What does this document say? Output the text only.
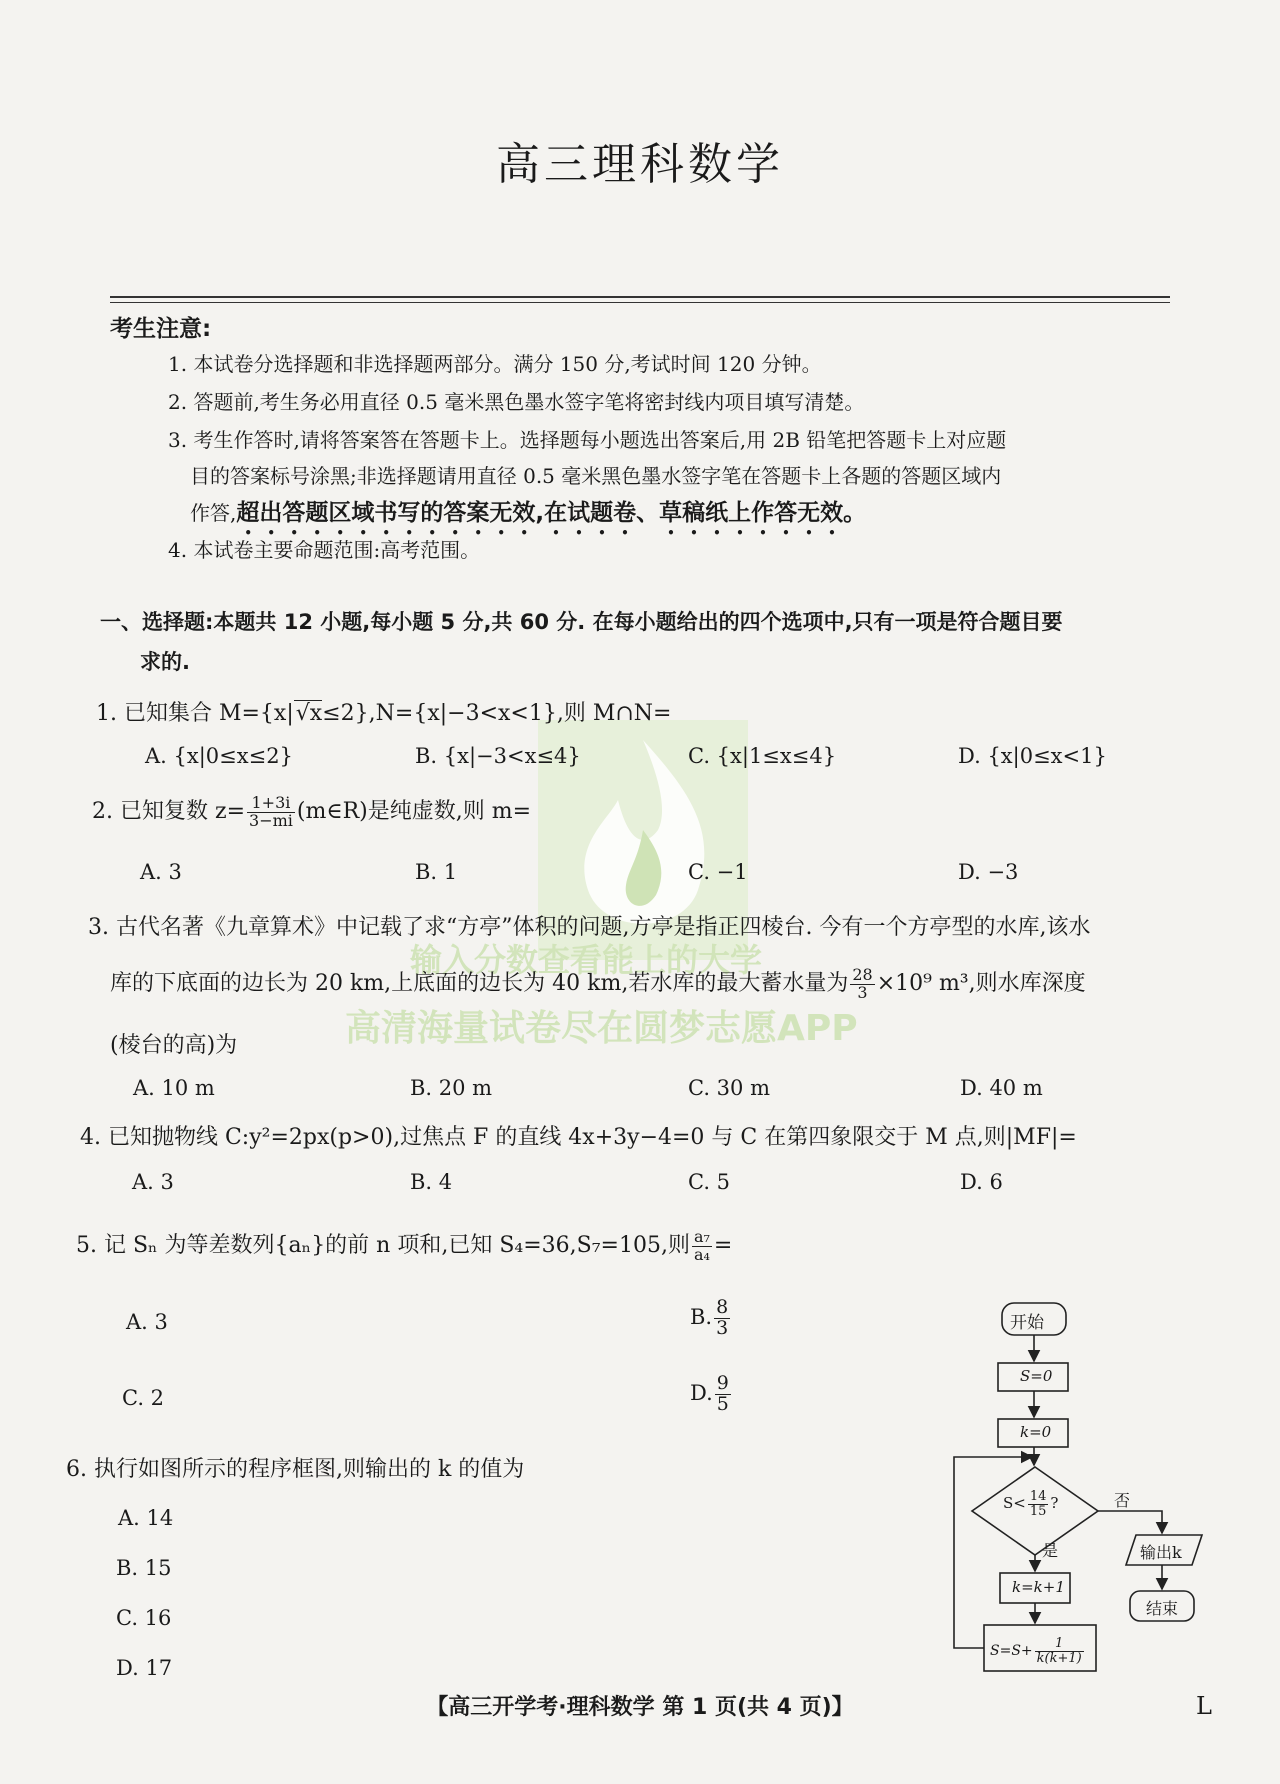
高三理科数学
考生注意:
1. 本试卷分选择题和非选择题两部分。满分 150 分,考试时间 120 分钟。
2. 答题前,考生务必用直径 0.5 毫米黑色墨水签字笔将密封线内项目填写清楚。
3. 考生作答时,请将答案答在答题卡上。选择题每小题选出答案后,用 2B 铅笔把答题卡上对应题
目的答案标号涂黑;非选择题请用直径 0.5 毫米黑色墨水签字笔在答题卡上各题的答题区域内
作答,超出答题区域书写的答案无效,在试题卷、草稿纸上作答无效。
4. 本试卷主要命题范围:高考范围。
输入分数查看能上的大学
高清海量试卷尽在圆梦志愿APP
一、选择题:本题共 12 小题,每小题 5 分,共 60 分. 在每小题给出的四个选项中,只有一项是符合题目要
求的.
1. 已知集合 M={x|√x≤2},N={x|−3<x<1},则 M∩N=
A. {x|0≤x≤2}	B. {x|−3<x≤4}	C. {x|1≤x≤4}	D. {x|0≤x<1}
2. 已知复数 $z= \frac{1+3i}{3-mi}$ (m∈R)是纯虚数,则 m=
A. 3	B. 1	C. −1	D. −3
3. 古代名著《九章算术》中记载了求“方亭”体积的问题,方亭是指正四棱台. 今有一个方亭型的水库,该水
库的下底面的边长为 20 km,上底面的边长为 40 km,若水库的最大蓄水量为 $\frac{28}{3} \times 10^9$ m³,则水库深度
(棱台的高)为
A. 10 m	B. 20 m	C. 30 m	D. 40 m
4. 已知抛物线 C:y²=2px(p>0),过焦点 F 的直线 4x+3y−4=0 与 C 在第四象限交于 M 点,则|MF|=
A. 3	B. 4	C. 5	D. 6
5. 记 Sₙ 为等差数列{aₙ}的前 n 项和,已知 S₄=36,S₇=105,则 $\frac{\text{a₇}}{\text{a₄}}$ =
A. 3	B. $\frac{8}{3}$
C. 2	D. $\frac{9}{5}$
6. 执行如图所示的程序框图,则输出的 k 的值为
A. 14
B. 15
C. 16
D. 17
开始
S=0
k=0
$S< \frac{14}{15}$ ?	否
是
k=k+1
$S=S+ \frac{1}{k(k+1)}$
输出k
结束
【高三开学考·理科数学 第 1 页(共 4 页)】	L
